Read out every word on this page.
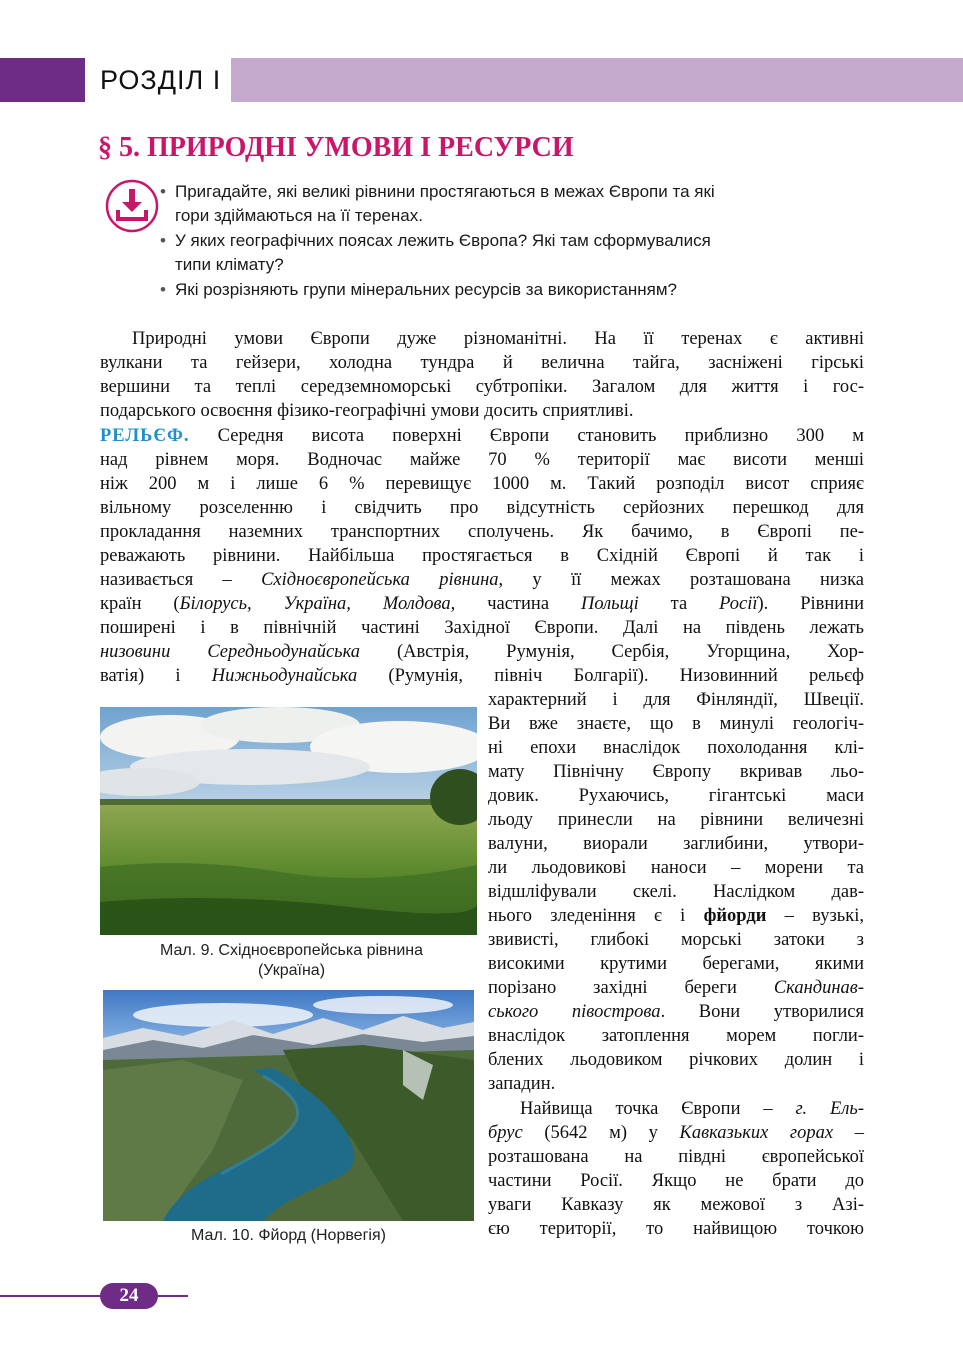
РОЗДІЛ I
§ 5. ПРИРОДНІ УМОВИ І РЕСУРСИ
• Пригадайте, які великі рівнини простягаються в межах Європи та які
гори здіймаються на її теренах.
• У яких географічних поясах лежить Європа? Які там сформувалися
типи клімату?
• Які розрізняють групи мінеральних ресурсів за використанням?
Природні умови Європи дуже різноманітні. На її теренах є активні
вулкани та гейзери, холодна тундра й велична тайга, засніжені гірські
вершини та теплі середземноморські субтропіки. Загалом для життя і гос-
подарського освоєння фізико-географічні умови досить сприятливі.
РЕЛЬЄФ. Середня висота поверхні Європи становить приблизно 300 м
над рівнем моря. Водночас майже 70 % території має висоти менші
ніж 200 м і лише 6 % перевищує 1000 м. Такий розподіл висот сприяє
вільному розселенню і свідчить про відсутність серйозних перешкод для
прокладання наземних транспортних сполучень. Як бачимо, в Європі пе-
реважають рівнини. Найбільша простягається в Східній Європі й так і
називається – Східноєвропейська рівнина, у її межах розташована низка
країн (Білорусь, Україна, Молдова, частина Польщі та Росії). Рівнини
поширені і в північній частині Західної Європи. Далі на південь лежать
низовини Середньодунайська (Австрія, Румунія, Сербія, Угорщина, Хор-
ватія) і Нижньодунайська (Румунія, північ Болгарії). Низовинний рельєф
характерний і для Фінляндії, Швеції.
Ви вже знаєте, що в минулі геологіч-
ні епохи внаслідок похолодання клі-
мату Північну Європу вкривав льо-
довик. Рухаючись, гігантські маси
льоду принесли на рівнини величезні
валуни, виорали заглибини, утвори-
ли льодовикові наноси – морени та
відшліфували скелі. Наслідком дав-
нього зледеніння є і фйорди – вузькі,
звивисті, глибокі морські затоки з
високими крутими берегами, якими
порізано західні береги Скандинав-
ського півострова. Вони утворилися
внаслідок затоплення морем погли-
блених льодовиком річкових долин і
западин.
Найвища точка Європи – г. Ель-
брус (5642 м) у Кавказьких горах –
розташована на півдні європейської
частини Росії. Якщо не брати до
уваги Кавказу як межової з Азі-
єю території, то найвищою точкою
Мал. 9. Східноєвропейська рівнина
(Україна)
Мал. 10. Фйорд (Норвегія)
24
